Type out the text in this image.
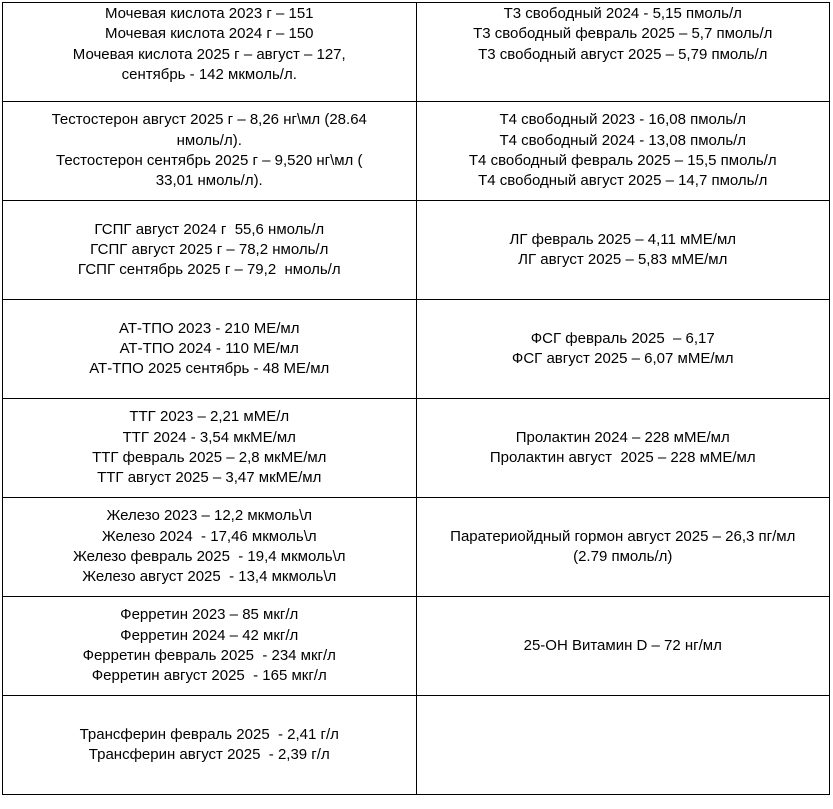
Мочевая кислота 2023 г – 151
Мочевая кислота 2024 г – 150
Мочевая кислота 2025 г – август – 127,
сентябрь - 142 мкмоль/л.	Т3 свободный 2024 - 5,15 пмоль/л
Т3 свободный февраль 2025 – 5,7 пмоль/л
Т3 свободный август 2025 – 5,79 пмоль/л

Тестостерон август 2025 г – 8,26 нг\мл (28.64
нмоль/л).
Тестостерон сентябрь 2025 г – 9,520 нг\мл (
33,01 нмоль/л).	Т4 свободный 2023 - 16,08 пмоль/л
Т4 свободный 2024 - 13,08 пмоль/л
Т4 свободный февраль 2025 – 15,5 пмоль/л
Т4 свободный август 2025 – 14,7 пмоль/л

ГСПГ август 2024 г  55,6 нмоль/л
ГСПГ август 2025 г – 78,2 нмоль/л
ГСПГ сентябрь 2025 г – 79,2  нмоль/л	ЛГ февраль 2025 – 4,11 мМЕ/мл
ЛГ август 2025 – 5,83 мМЕ/мл

АТ-ТПО 2023 - 210 МЕ/мл
АТ-ТПО 2024 - 110 МЕ/мл
АТ-ТПО 2025 сентябрь - 48 МЕ/мл	ФСГ февраль 2025  – 6,17
ФСГ август 2025 – 6,07 мМЕ/мл

ТТГ 2023 – 2,21 мМЕ/л
ТТГ 2024 - 3,54 мкМЕ/мл
ТТГ февраль 2025 – 2,8 мкМЕ/мл
ТТГ август 2025 – 3,47 мкМЕ/мл	Пролактин 2024 – 228 мМЕ/мл
Пролактин август  2025 – 228 мМЕ/мл

Железо 2023 – 12,2 мкмоль\л
Железо 2024  - 17,46 мкмоль\л
Железо февраль 2025  - 19,4 мкмоль\л
Железо август 2025  - 13,4 мкмоль\л	Паратериойдный гормон август 2025 – 26,3 пг/мл
(2.79 пмоль/л)

Ферретин 2023 – 85 мкг/л
Ферретин 2024 – 42 мкг/л
Ферретин февраль 2025  - 234 мкг/л
Ферретин август 2025  - 165 мкг/л	25-ОН Витамин D – 72 нг/мл

Трансферин февраль 2025  - 2,41 г/л
Трансферин август 2025  - 2,39 г/л	
